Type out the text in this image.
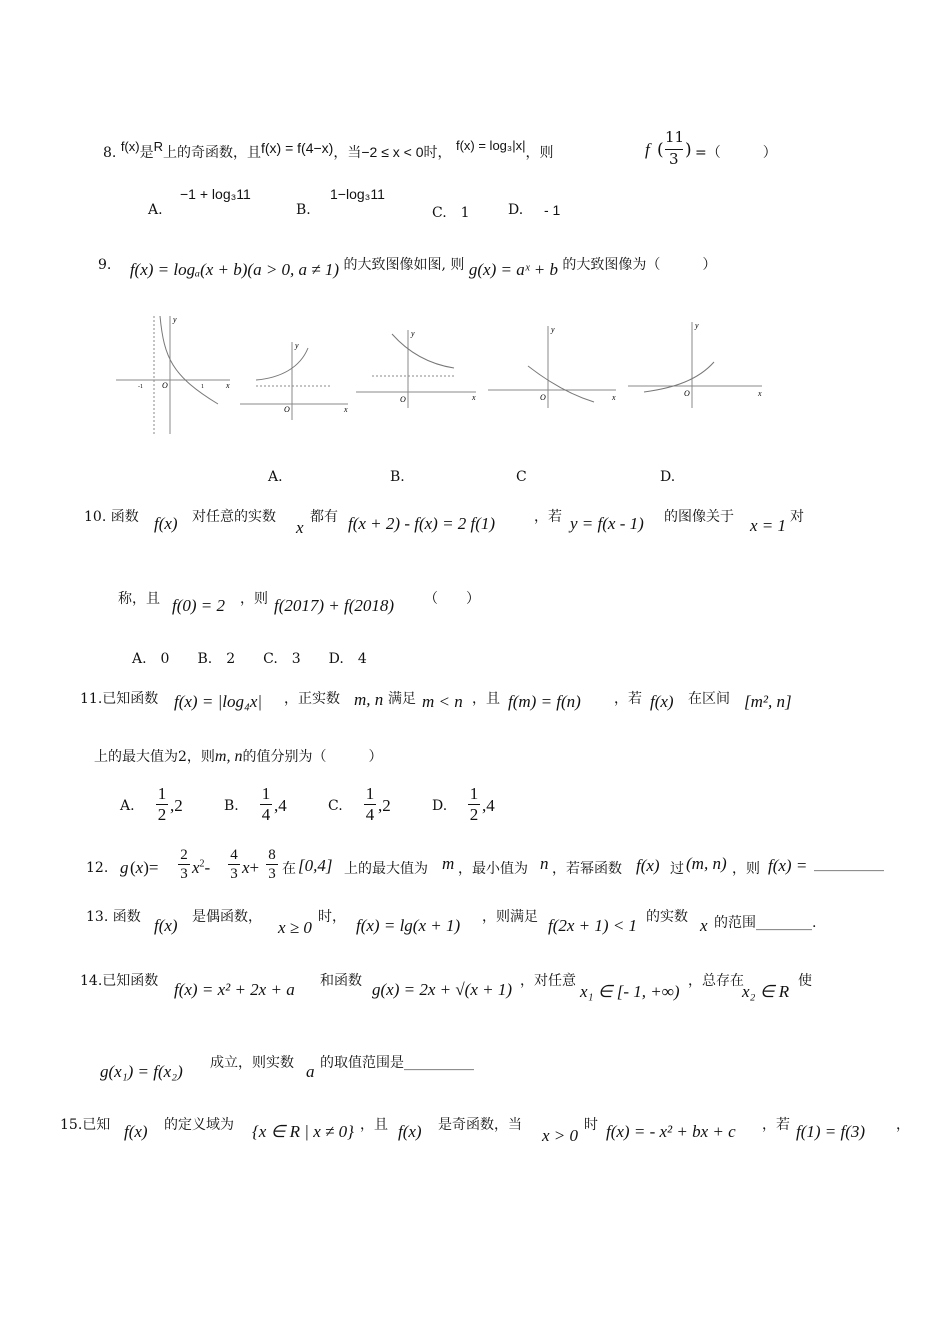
8. f(x)是R上的奇函数，且f(x) = f(4−x)，当−2 ≤ x < 0时， f(x) = log₃|x|，则	f (
11
3 ) =（　　　）
A.
−1 + log₃11
B.
1−log₃11
C.　1	D. - 1
9. f(x) = logₐ(x + b)(a > 0, a ≠ 1) 的大致图像如图, 则 g(x) = aˣ + b 的大致图像为（　　　）
x
y
O	1
-1
x
y
O
x
y
O	x
y
O	x
y
O
A.	B.	C	D.
10. 函数 f(x) 对任意的实数
x
都有 f(x + 2) - f(x) = 2 f(1)	，若 y = f(x - 1) 的图像关于 x = 1 对
称，且 f(0) = 2 ，则 f(2017) + f(2018) （　　）
A.　0　　B.　2　　C.　3　　D.　4
11.已知函数 f(x) = |log₄x| ，正实数 m, n 满足 m < n ，且 f(m) = f(n) ，若 f(x) 在区间 [m², n]
上的最大值为2，则m, n的值分别为（　　　）
A.
1

2 ,2	B.
1

4 ,4	C.
1

4 ,2	D.
1

2 ,4
12. g (x)=
2

3 $x^2-$
4

3 x+
8

3 在 [0,4] 上的最大值为 m ，最小值为 n ，若幂函数 f(x) 过 (m, n) ，则 f(x) = __________
13. 函数 f(x) 是偶函数，
x ≥ 0
时， f(x) = lg(x + 1) ，则满足 f(2x + 1) < 1 的实数 x 的范围________.
14.已知函数 f(x) = x² + 2x + a 和函数 g(x) = 2x + √(x + 1) ，对任意
x₁ ∈ [- 1, +∞)
，总存在
x₂ ∈ R
使
g(x₁) = f(x₂) 成立，则实数 a 的取值范围是__________
15.已知 f(x) 的定义域为 {x ∈ R | x ≠ 0} ，且 f(x) 是奇函数，当
x > 0
时 f(x) = - x² + bx + c ，若 f(1) = f(3) ，
